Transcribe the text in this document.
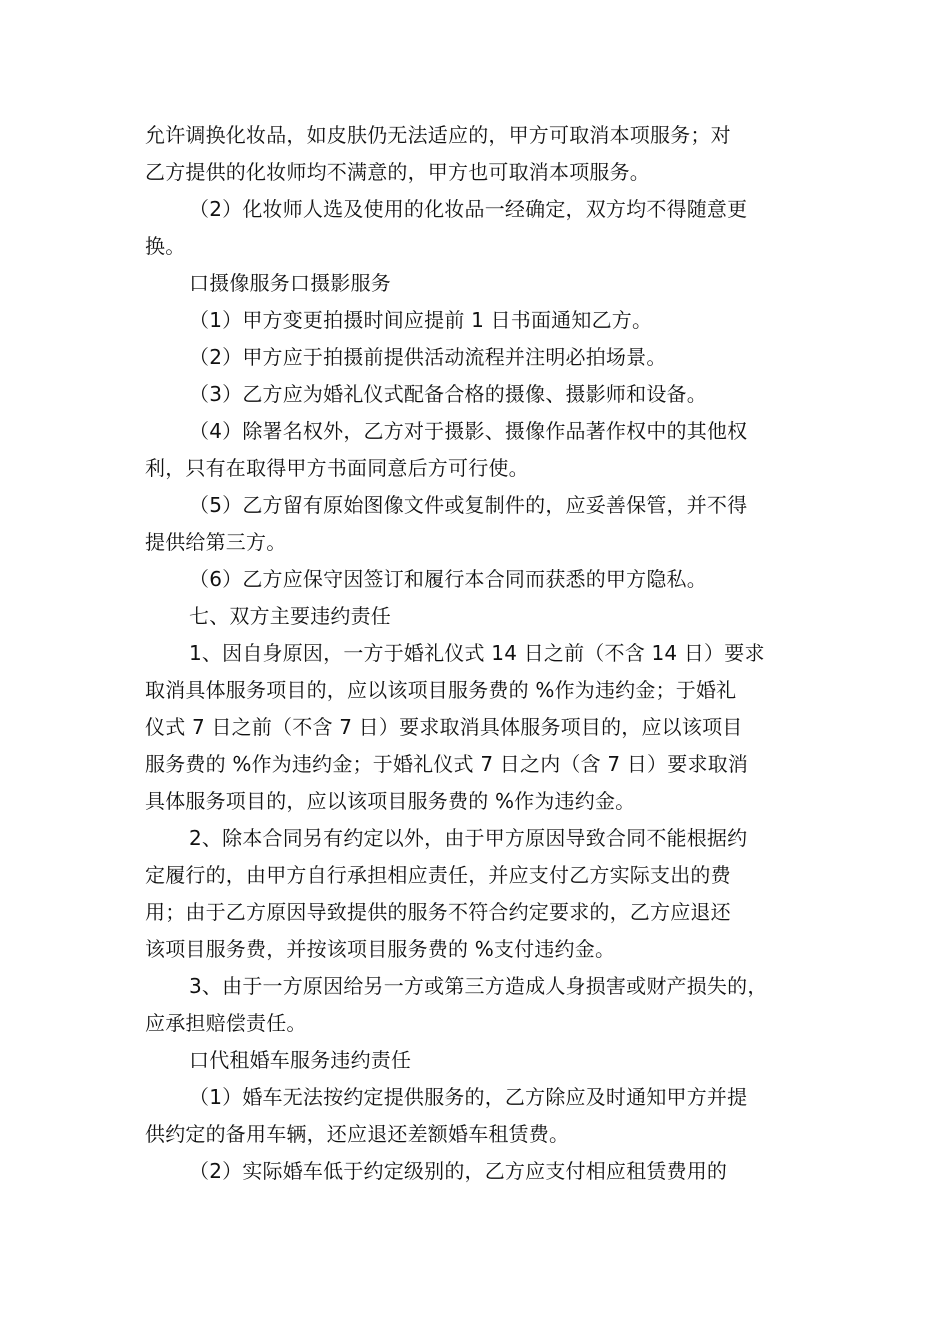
允许调换化妆品，如皮肤仍无法适应的，甲方可取消本项服务；对
乙方提供的化妆师均不满意的，甲方也可取消本项服务。
（2）化妆师人选及使用的化妆品一经确定，双方均不得随意更
换。
口摄像服务口摄影服务
（1）甲方变更拍摄时间应提前 1 日书面通知乙方。
（2）甲方应于拍摄前提供活动流程并注明必拍场景。
（3）乙方应为婚礼仪式配备合格的摄像、摄影师和设备。
（4）除署名权外，乙方对于摄影、摄像作品著作权中的其他权
利，只有在取得甲方书面同意后方可行使。
（5）乙方留有原始图像文件或复制件的，应妥善保管，并不得
提供给第三方。
（6）乙方应保守因签订和履行本合同而获悉的甲方隐私。
七、双方主要违约责任
1、因自身原因，一方于婚礼仪式 14 日之前（不含 14 日）要求
取消具体服务项目的，应以该项目服务费的 %作为违约金；于婚礼
仪式 7 日之前（不含 7 日）要求取消具体服务项目的，应以该项目
服务费的 %作为违约金；于婚礼仪式 7 日之内（含 7 日）要求取消
具体服务项目的，应以该项目服务费的 %作为违约金。
2、除本合同另有约定以外，由于甲方原因导致合同不能根据约
定履行的，由甲方自行承担相应责任，并应支付乙方实际支出的费
用；由于乙方原因导致提供的服务不符合约定要求的，乙方应退还
该项目服务费，并按该项目服务费的 %支付违约金。
3、由于一方原因给另一方或第三方造成人身损害或财产损失的，
应承担赔偿责任。
口代租婚车服务违约责任
（1）婚车无法按约定提供服务的，乙方除应及时通知甲方并提
供约定的备用车辆，还应退还差额婚车租赁费。
（2）实际婚车低于约定级别的，乙方应支付相应租赁费用的
